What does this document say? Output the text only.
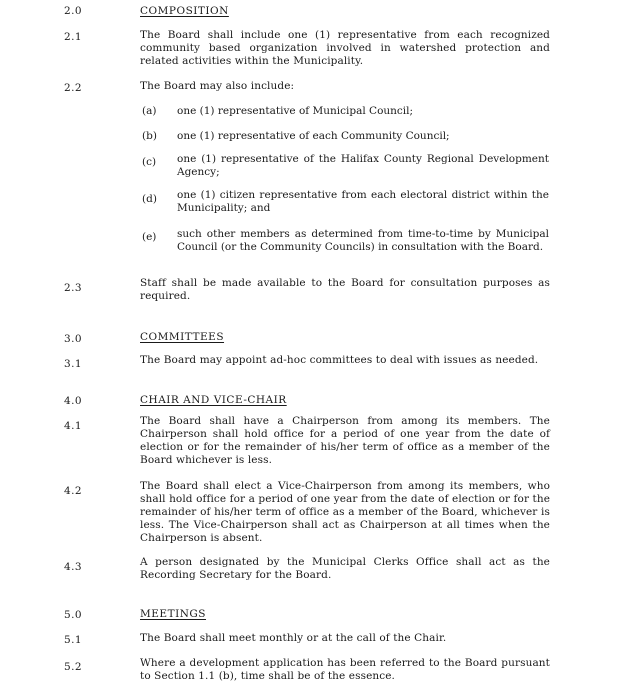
2.0	COMPOSITION
2.1	The Board shall include one (1) representative from each recognized community based organization involved in watershed protection and related activities within the Municipality.
2.2	The Board may also include:
(a) one (1) representative of Municipal Council;
(b) one (1) representative of each Community Council;
(c) one (1) representative of the Halifax County Regional Development Agency;
(d) one (1) citizen representative from each electoral district within the Municipality; and
(e) such other members as determined from time-to-time by Municipal Council (or the Community Councils) in consultation with the Board.
2.3	Staff shall be made available to the Board for consultation purposes as required.
3.0	COMMITTEES
3.1	The Board may appoint ad-hoc committees to deal with issues as needed.
4.0	CHAIR AND VICE-CHAIR
4.1	The Board shall have a Chairperson from among its members. The Chairperson shall hold office for a period of one year from the date of election or for the remainder of his/her term of office as a member of the Board whichever is less.
4.2	The Board shall elect a Vice-Chairperson from among its members, who shall hold office for a period of one year from the date of election or for the remainder of his/her term of office as a member of the Board, whichever is less. The Vice-Chairperson shall act as Chairperson at all times when the Chairperson is absent.
4.3	A person designated by the Municipal Clerks Office shall act as the Recording Secretary for the Board.
5.0	MEETINGS
5.1	The Board shall meet monthly or at the call of the Chair.
5.2	Where a development application has been referred to the Board pursuant to Section 1.1 (b), time shall be of the essence.
